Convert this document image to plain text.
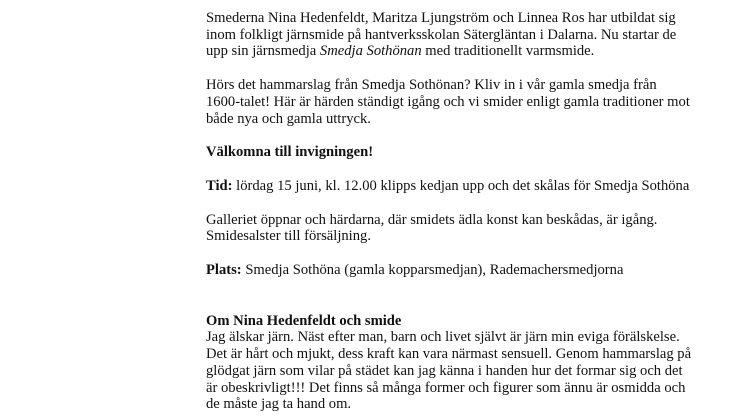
Smederna Nina Hedenfeldt, Maritza Ljungström och Linnea Ros har utbildat sig

inom folkligt järnsmide på hantverksskolan Sätergläntan i Dalarna. Nu startar de

upp sin järnsmedja Smedja Sothönan med traditionellt varmsmide.

Hörs det hammarslag från Smedja Sothönan? Kliv in i vår gamla smedja från

1600-talet! Här är härden ständigt igång och vi smider enligt gamla traditioner mot

både nya och gamla uttryck.

Välkomna till invigningen!

Tid: lördag 15 juni, kl. 12.00 klipps kedjan upp och det skålas för Smedja Sothöna

Galleriet öppnar och härdarna, där smidets ädla konst kan beskådas, är igång.

Smidesalster till försäljning.

Plats: Smedja Sothöna (gamla kopparsmedjan), Rademachersmedjorna

Om Nina Hedenfeldt och smide

Jag älskar järn. Näst efter man, barn och livet självt är järn min eviga förälskelse.

Det är hårt och mjukt, dess kraft kan vara närmast sensuell. Genom hammarslag på

glödgat järn som vilar på städet kan jag känna i handen hur det formar sig och det

är obeskrivligt!!! Det finns så många former och figurer som ännu är osmidda och

de måste jag ta hand om.
